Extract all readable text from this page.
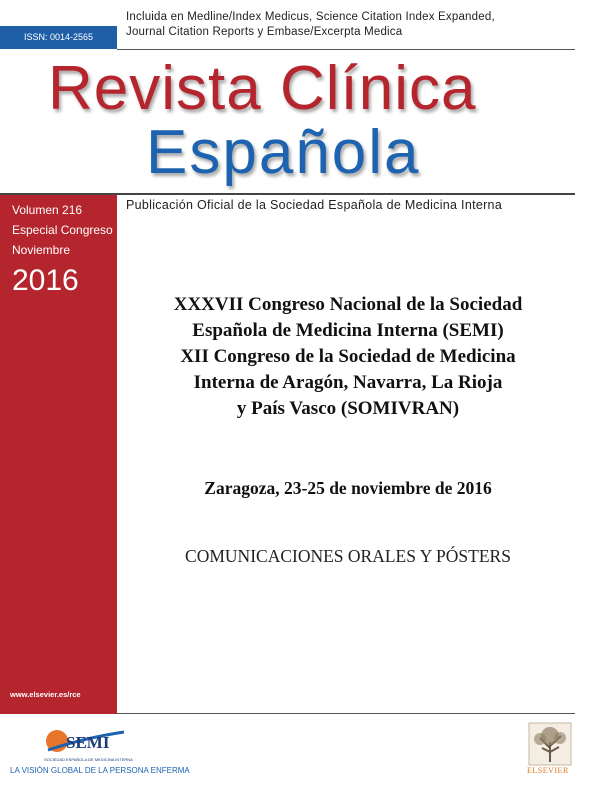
ISSN: 0014-2565
Incluida en Medline/Index Medicus, Science Citation Index Expanded,
Journal Citation Reports y Embase/Excerpta Medica
Revista Clínica
Española
Volumen 216
Especial Congreso
Noviembre
2016
www.elsevier.es/rce
Publicación Oficial de la Sociedad Española de Medicina Interna
XXXVII Congreso Nacional de la Sociedad
Española de Medicina Interna (SEMI)
XII Congreso de la Sociedad de Medicina
Interna de Aragón, Navarra, La Rioja
y País Vasco (SOMIVRAN)
Zaragoza, 23-25 de noviembre de 2016
COMUNICACIONES ORALES Y PÓSTERS
SEMI
SOCIEDAD ESPAÑOLA DE MEDICINA INTERNA
LA VISIÓN GLOBAL DE LA PERSONA ENFERMA	ELSEVIER
